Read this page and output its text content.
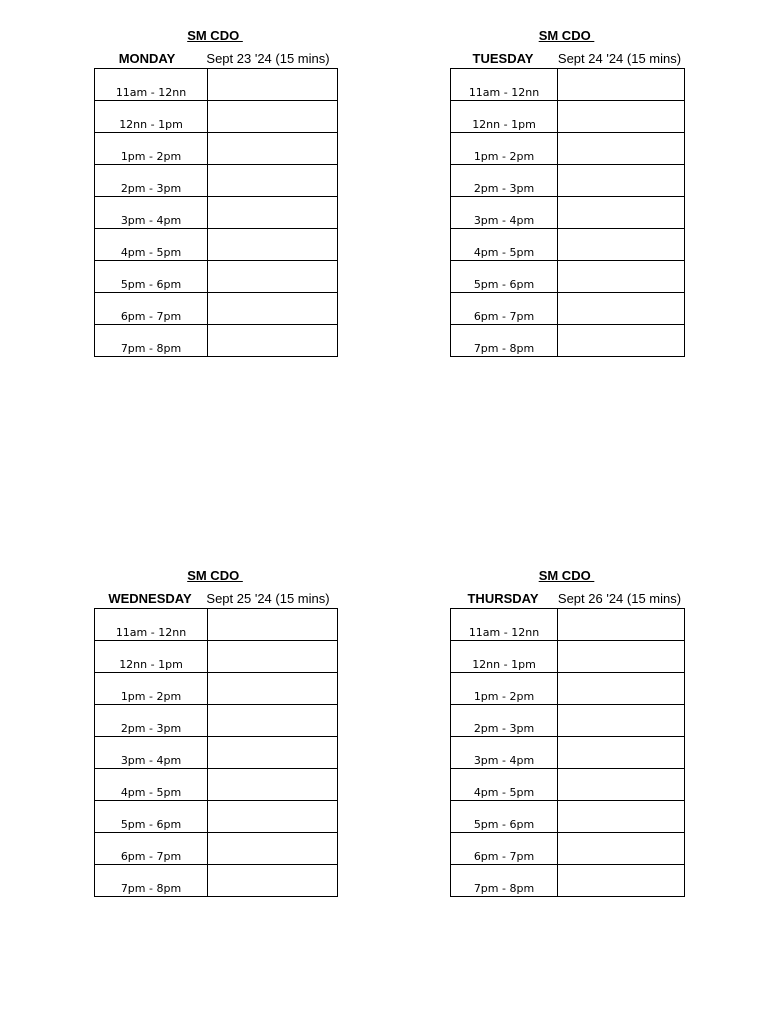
SM CDO
MONDAY	Sept 23 '24 (15 mins)
11am - 12nn	
12nn - 1pm	
1pm - 2pm	
2pm - 3pm	
3pm - 4pm	
4pm - 5pm	
5pm - 6pm	
6pm - 7pm	
7pm - 8pm	
SM CDO
TUESDAY	Sept 24 '24 (15 mins)
11am - 12nn	
12nn - 1pm	
1pm - 2pm	
2pm - 3pm	
3pm - 4pm	
4pm - 5pm	
5pm - 6pm	
6pm - 7pm	
7pm - 8pm	
SM CDO
WEDNESDAY	Sept 25 '24 (15 mins)
11am - 12nn	
12nn - 1pm	
1pm - 2pm	
2pm - 3pm	
3pm - 4pm	
4pm - 5pm	
5pm - 6pm	
6pm - 7pm	
7pm - 8pm	
SM CDO
THURSDAY	Sept 26 '24 (15 mins)
11am - 12nn	
12nn - 1pm	
1pm - 2pm	
2pm - 3pm	
3pm - 4pm	
4pm - 5pm	
5pm - 6pm	
6pm - 7pm	
7pm - 8pm	
